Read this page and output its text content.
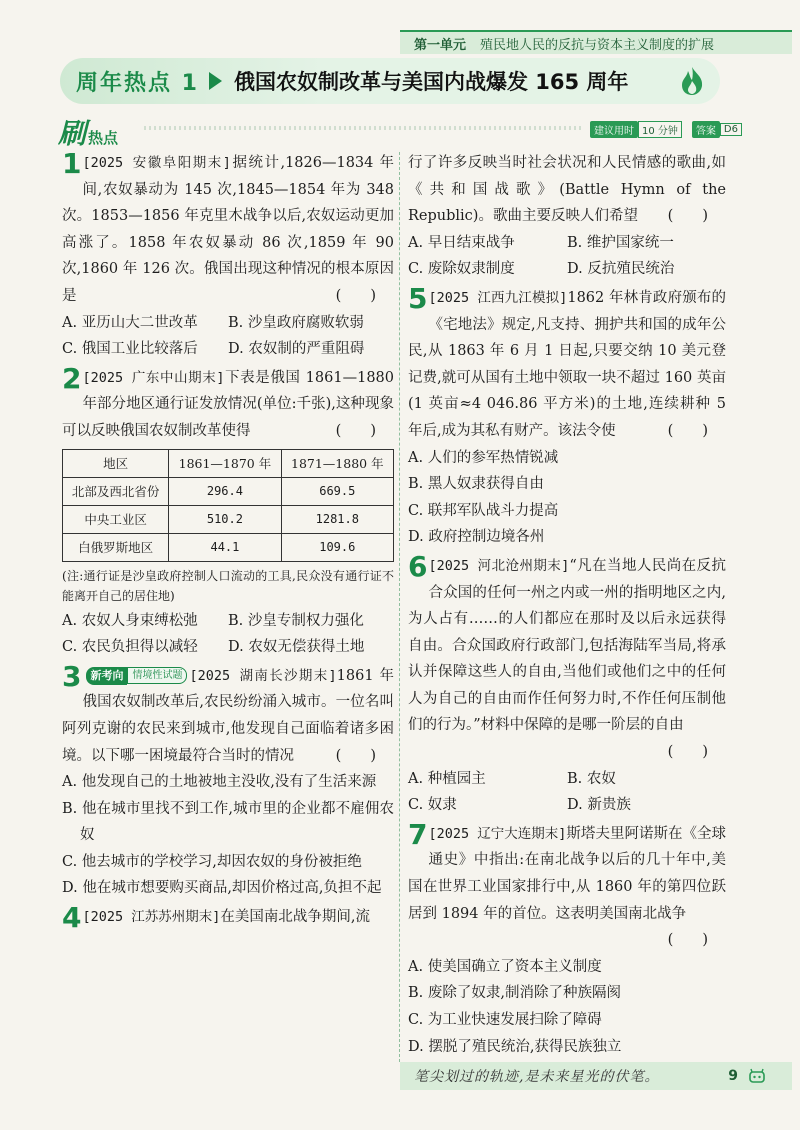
第一单元 殖民地人民的反抗与资本主义制度的扩展
周年热点 1 俄国农奴制改革与美国内战爆发 165 周年
刷 热点	建议用时 10 分钟	答案 D6
1 [2025 安徽阜阳期末]据统计,1826—1834 年间,农奴暴动为 145 次,1845—1854 年为 348 次。1853—1856 年克里木战争以后,农奴运动更加高涨了。1858 年农奴暴动 86 次,1859 年 90 次,1860 年 126 次。俄国出现这种情况的根本原因是	(　　)
A. 亚历山大二世改革	B. 沙皇政府腐败软弱
C. 俄国工业比较落后	D. 农奴制的严重阻碍
2 [2025 广东中山期末]下表是俄国 1861—1880 年部分地区通行证发放情况(单位:千张),这种现象可以反映俄国农奴制改革使得	(　　)
地区	1861—1870 年	1871—1880 年
北部及西北省份	296.4	669.5
中央工业区	510.2	1281.8
白俄罗斯地区	44.1	109.6
(注:通行证是沙皇政府控制人口流动的工具,民众没有通行证不能离开自己的居住地)
A. 农奴人身束缚松弛	B. 沙皇专制权力强化
C. 农民负担得以减轻	D. 农奴无偿获得土地
3 新考向 情境性试题 [2025 湖南长沙期末]1861 年俄国农奴制改革后,农民纷纷涌入城市。一位名叫阿列克谢的农民来到城市,他发现自己面临着诸多困境。以下哪一困境最符合当时的情况	(　　)
A. 他发现自己的土地被地主没收,没有了生活来源
B. 他在城市里找不到工作,城市里的企业都不雇佣农奴
C. 他去城市的学校学习,却因农奴的身份被拒绝
D. 他在城市想要购买商品,却因价格过高,负担不起
4 [2025 江苏苏州期末]在美国南北战争期间,流
行了许多反映当时社会状况和人民情感的歌曲,如《共和国战歌》(Battle Hymn of the Republic)。歌曲主要反映人们希望 (　　)
A. 早日结束战争	B. 维护国家统一
C. 废除奴隶制度	D. 反抗殖民统治
5 [2025 江西九江模拟]1862 年林肯政府颁布的《宅地法》规定,凡支持、拥护共和国的成年公民,从 1863 年 6 月 1 日起,只要交纳 10 美元登记费,就可从国有土地中领取一块不超过 160 英亩(1 英亩≈4 046.86 平方米)的土地,连续耕种 5 年后,成为其私有财产。该法令使	(　　)
A. 人们的参军热情锐减
B. 黑人奴隶获得自由
C. 联邦军队战斗力提高
D. 政府控制边境各州
6 [2025 河北沧州期末]“凡在当地人民尚在反抗合众国的任何一州之内或一州的指明地区之内,为人占有……的人们都应在那时及以后永远获得自由。合众国政府行政部门,包括海陆军当局,将承认并保障这些人的自由,当他们或他们之中的任何人为自己的自由而作任何努力时,不作任何压制他们的行为。”材料中保障的是哪一阶层的自由
(　　)
A. 种植园主	B. 农奴
C. 奴隶	D. 新贵族
7 [2025 辽宁大连期末]斯塔夫里阿诺斯在《全球通史》中指出:在南北战争以后的几十年中,美国在世界工业国家排行中,从 1860 年的第四位跃居到 1894 年的首位。这表明美国南北战争
(　　)
A. 使美国确立了资本主义制度
B. 废除了奴隶,制消除了种族隔阂
C. 为工业快速发展扫除了障碍
D. 摆脱了殖民统治,获得民族独立
笔尖划过的轨迹,是未来星光的伏笔。	9
